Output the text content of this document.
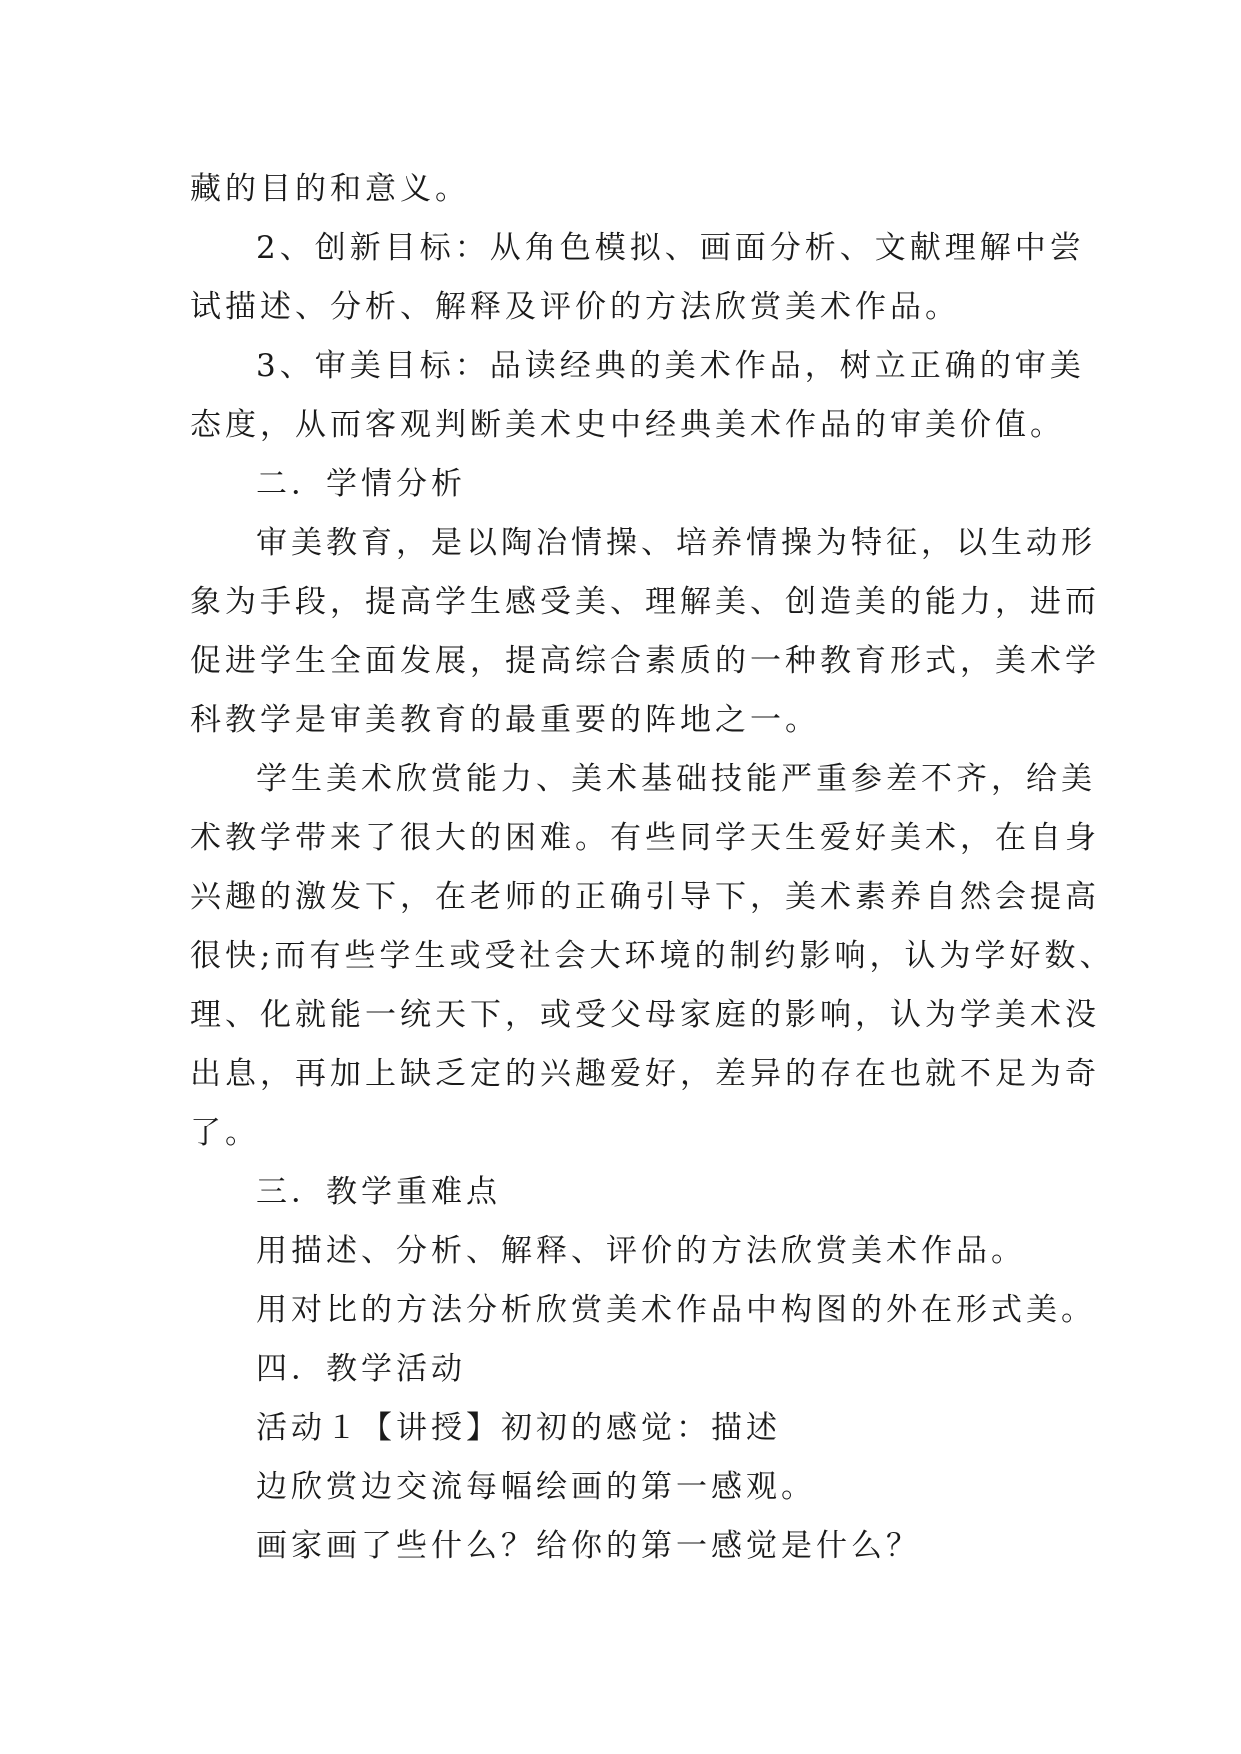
藏的目的和意义。
2、创新目标：从角色模拟、画面分析、文献理解中尝
试描述、分析、解释及评价的方法欣赏美术作品。
3、审美目标：品读经典的美术作品，树立正确的审美
态度，从而客观判断美术史中经典美术作品的审美价值。
二．学情分析
审美教育，是以陶冶情操、培养情操为特征，以生动形
象为手段，提高学生感受美、理解美、创造美的能力，进而
促进学生全面发展，提高综合素质的一种教育形式，美术学
科教学是审美教育的最重要的阵地之一。
学生美术欣赏能力、美术基础技能严重参差不齐，给美
术教学带来了很大的困难。有些同学天生爱好美术，在自身
兴趣的激发下，在老师的正确引导下，美术素养自然会提高
很快;而有些学生或受社会大环境的制约影响，认为学好数、
理、化就能一统天下，或受父母家庭的影响，认为学美术没
出息，再加上缺乏定的兴趣爱好，差异的存在也就不足为奇
了。
三．教学重难点
用描述、分析、解释、评价的方法欣赏美术作品。
用对比的方法分析欣赏美术作品中构图的外在形式美。
四．教学活动
活动１【讲授】初初的感觉：描述
边欣赏边交流每幅绘画的第一感观。
画家画了些什么？给你的第一感觉是什么？
